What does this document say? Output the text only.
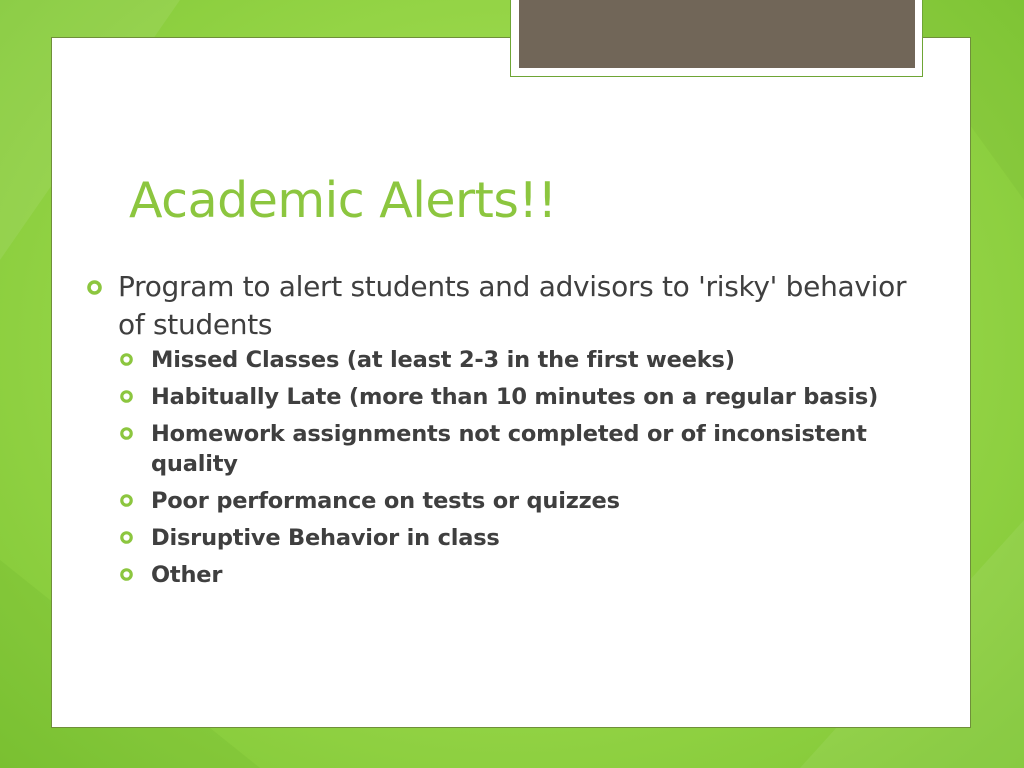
Academic Alerts!!
Program to alert students and advisors to 'risky' behavior of students
Missed Classes (at least 2-3 in the first weeks)
Habitually Late (more than 10 minutes on a regular basis)
Homework assignments not completed or of inconsistent quality
Poor performance on tests or quizzes
Disruptive Behavior in class
Other
